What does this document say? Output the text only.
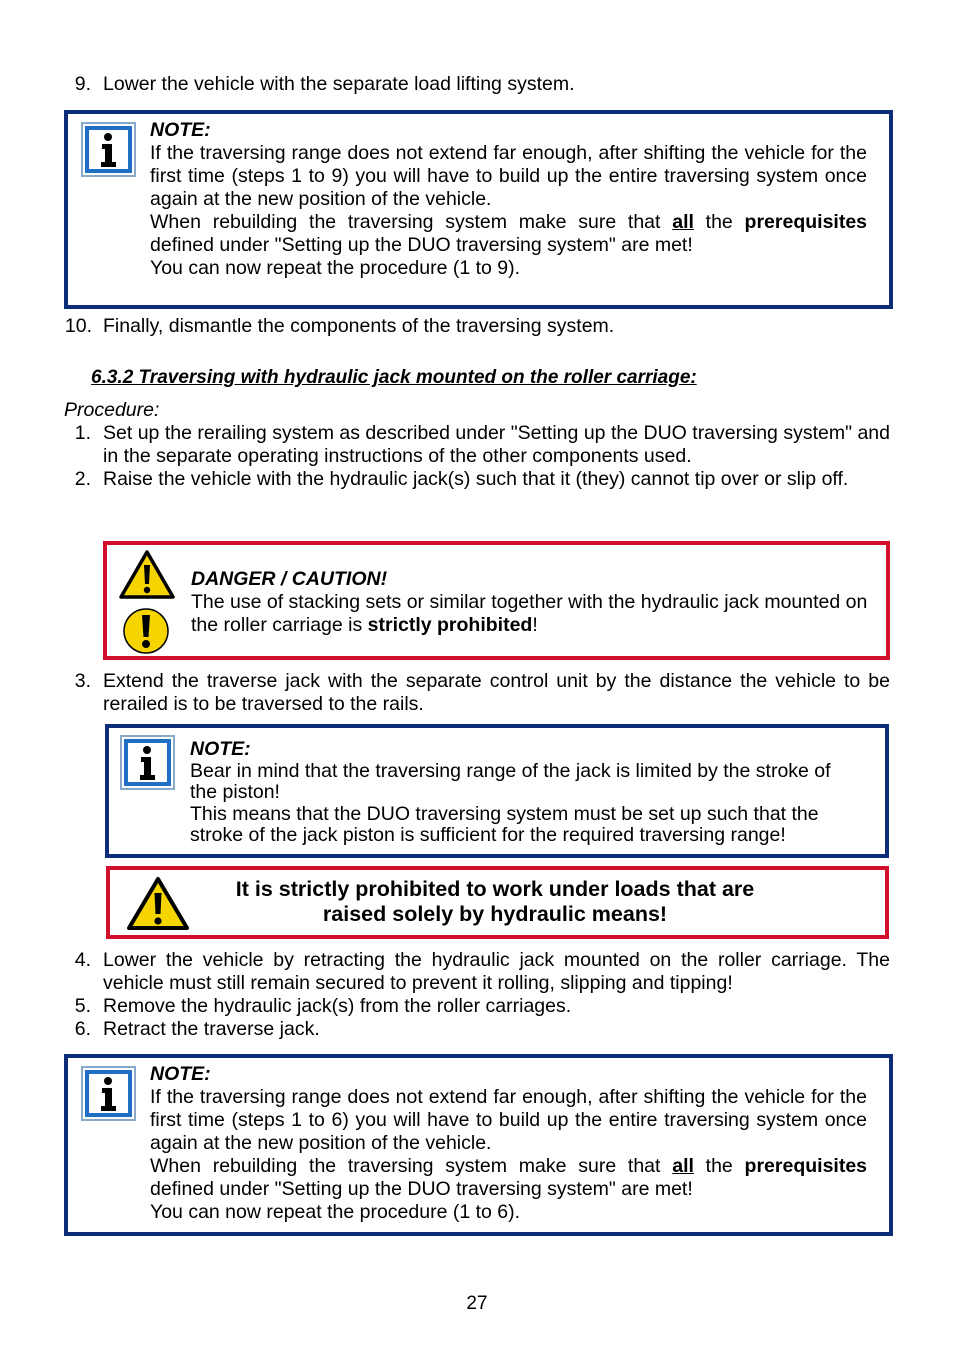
9. Lower the vehicle with the separate load lifting system.

NOTE:

If the traversing range does not extend far enough, after shifting the vehicle for the first time (steps 1 to 9) you will have to build up the entire traversing system once again at the new position of the vehicle.

When rebuilding the traversing system make sure that all the prerequisites defined under "Setting up the DUO traversing system" are met!

You can now repeat the procedure (1 to 9).

10. Finally, dismantle the components of the traversing system.
6.3.2 Traversing with hydraulic jack mounted on the roller carriage:
Procedure:
1. Set up the rerailing system as described under "Setting up the DUO traversing system" and in the separate operating instructions of the other components used.
2. Raise the vehicle with the hydraulic jack(s) such that it (they) cannot tip over or slip off.

DANGER / CAUTION!

The use of stacking sets or similar together with the hydraulic jack mounted on the roller carriage is strictly prohibited!

3. Extend the traverse jack with the separate control unit by the distance the vehicle to be rerailed is to be traversed to the rails.

NOTE:

Bear in mind that the traversing range of the jack is limited by the stroke of the piston!

This means that the DUO traversing system must be set up such that the stroke of the jack piston is sufficient for the required traversing range!

It is strictly prohibited to work under loads that are
raised solely by hydraulic means!
4. Lower the vehicle by retracting the hydraulic jack mounted on the roller carriage. The vehicle must still remain secured to prevent it rolling, slipping and tipping!
5. Remove the hydraulic jack(s) from the roller carriages.
6. Retract the traverse jack.

NOTE:

If the traversing range does not extend far enough, after shifting the vehicle for the first time (steps 1 to 6) you will have to build up the entire traversing system once again at the new position of the vehicle.

When rebuilding the traversing system make sure that all the prerequisites defined under "Setting up the DUO traversing system" are met!

You can now repeat the procedure (1 to 6).

27
